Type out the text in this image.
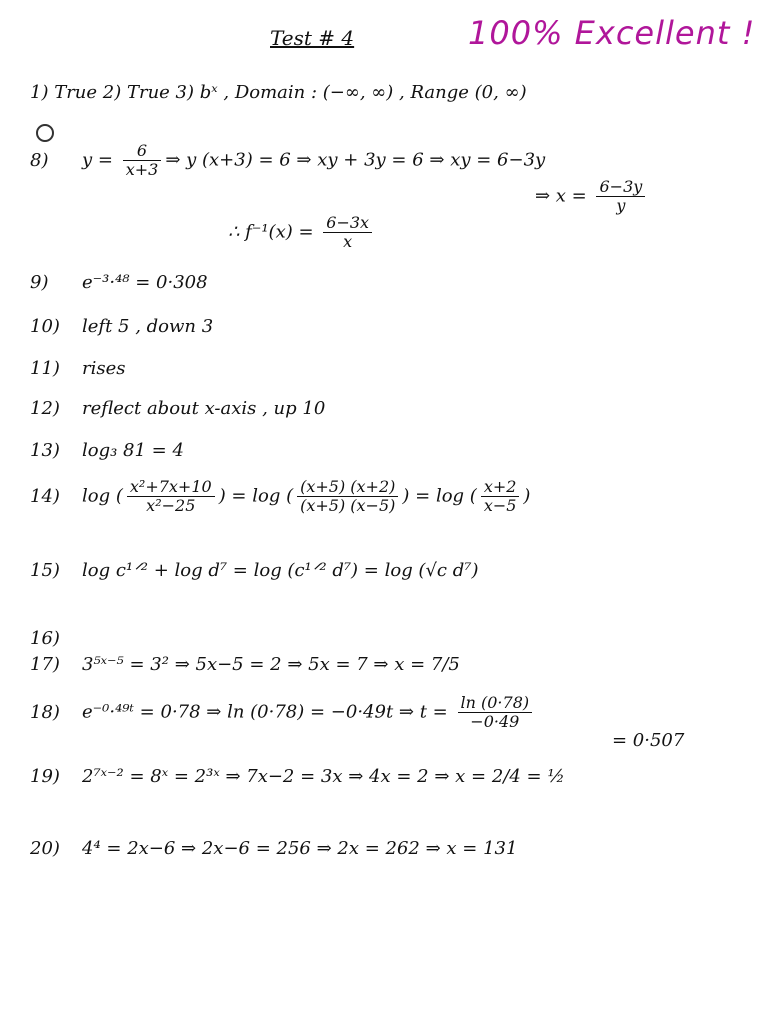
Test # 4	100% Excellent !
1) True 2) True 3) bˣ , Domain : (−∞, ∞) , Range (0, ∞)
8) $y = \frac{6}{x+3}$ ⇒ y (x+3) = 6 ⇒ xy + 3y = 6 ⇒ xy = 6−3y
⇒ $x = \frac{6-3y}{y}$
∴ $f^{-1}(x) = \frac{6-3x}{x}$
9) e⁻³·⁴⁸ = 0·308
10) left 5 , down 3
11) rises
12) reflect about x-axis , up 10
13) log₃ 81 = 4
14) log ( $\frac{\text{x²+7x+10}}{\text{x²−25}}$ ) = log ( $\frac{(x+5) (x+2)}{(x+5) (x-5)}$ ) = log ( $\frac{x+2}{x-5}$ )
15) log c¹ᐟ² + log d⁷ = log (c¹ᐟ² d⁷) = log (√c d⁷)
16)
17) 3⁵ˣ⁻⁵ = 3² ⇒ 5x−5 = 2 ⇒ 5x = 7 ⇒ x = 7/5
18) e⁻⁰·⁴⁹ᵗ = 0·78 ⇒ ln (0·78) = −0·49t ⇒ $t = \frac{\ln (0\cdot 78)}{-0\cdot 49}$
= 0·507
19) 2⁷ˣ⁻² = 8ˣ = 2³ˣ ⇒ 7x−2 = 3x ⇒ 4x = 2 ⇒ x = 2/4 = ½
20) 4⁴ = 2x−6 ⇒ 2x−6 = 256 ⇒ 2x = 262 ⇒ x = 131
